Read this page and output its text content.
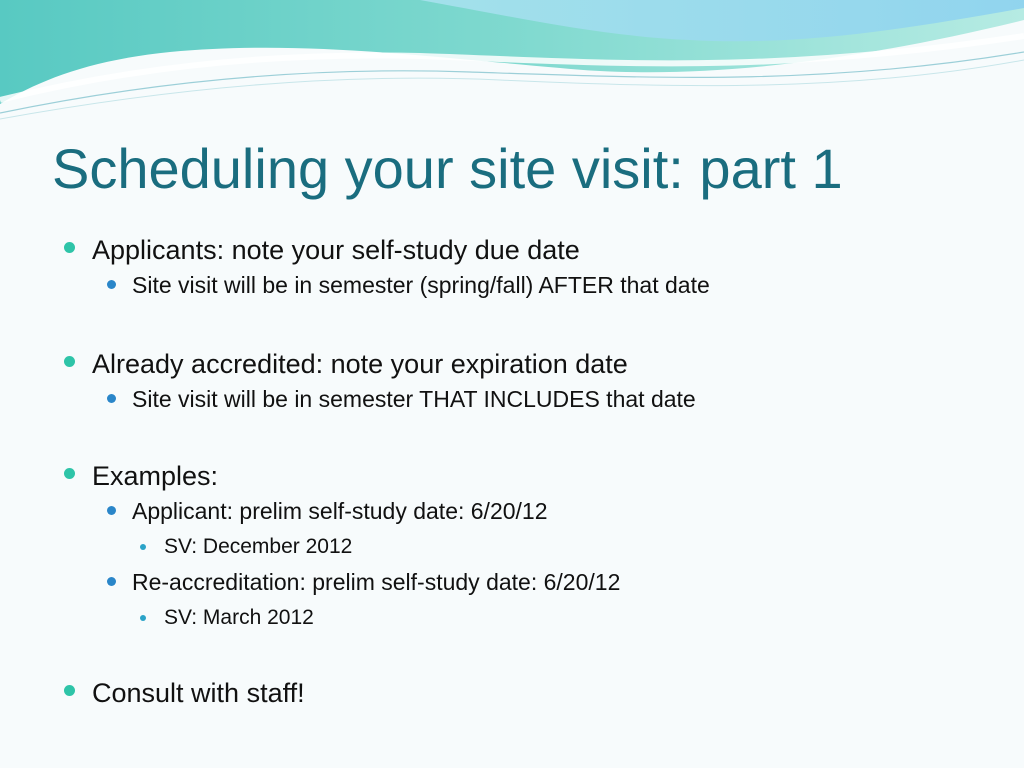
Scheduling your site visit: part 1
Applicants: note your self-study due date
Site visit will be in semester (spring/fall) AFTER that date
Already accredited: note your expiration date
Site visit will be in semester THAT INCLUDES that date
Examples:
Applicant: prelim self-study date: 6/20/12
SV: December 2012
Re-accreditation: prelim self-study date: 6/20/12
SV: March 2012
Consult with staff!
